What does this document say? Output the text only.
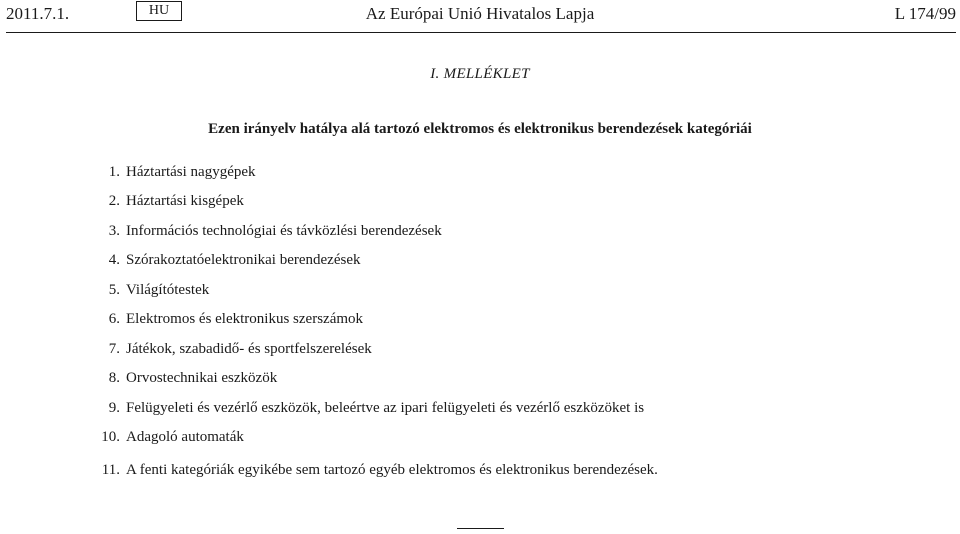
2011.7.1.	HU	Az Európai Unió Hivatalos Lapja	L 174/99
I. MELLÉKLET
Ezen irányelv hatálya alá tartozó elektromos és elektronikus berendezések kategóriái
1. Háztartási nagygépek
2. Háztartási kisgépek
3. Információs technológiai és távközlési berendezések
4. Szórakoztatóelektronikai berendezések
5. Világítótestek
6. Elektromos és elektronikus szerszámok
7. Játékok, szabadidő- és sportfelszerelések
8. Orvostechnikai eszközök
9. Felügyeleti és vezérlő eszközök, beleértve az ipari felügyeleti és vezérlő eszközöket is
10. Adagoló automaták
11. A fenti kategóriák egyikébe sem tartozó egyéb elektromos és elektronikus berendezések.
